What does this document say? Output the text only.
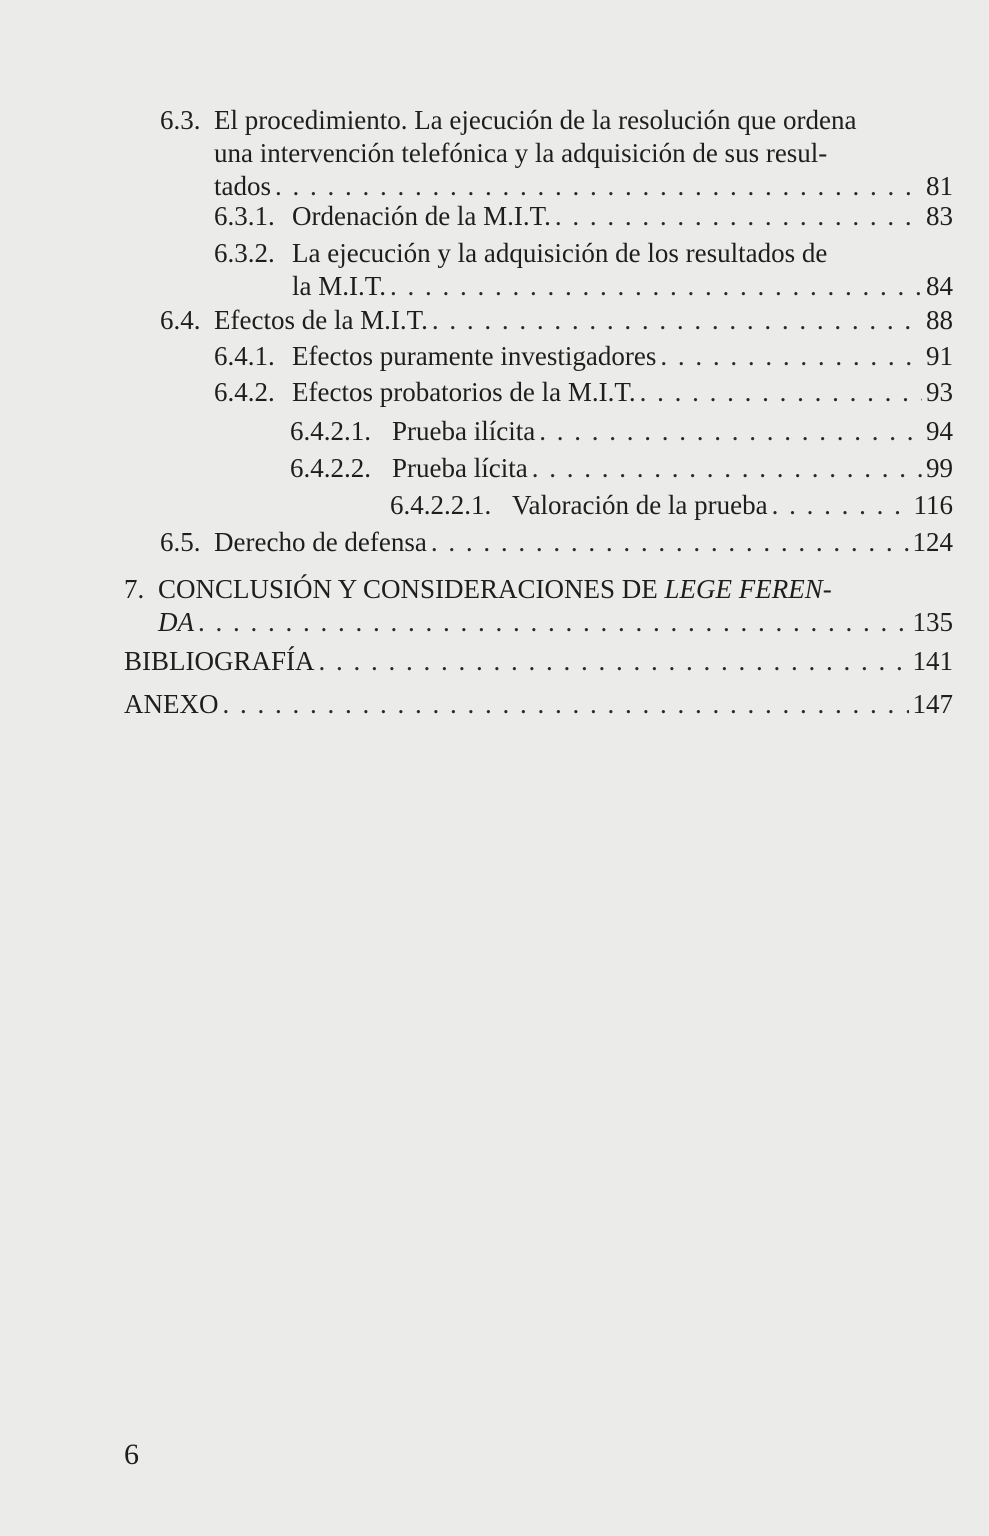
6.3. El procedimiento. La ejecución de la resolución que ordena
una intervención telefónica y la adquisición de sus resul-
tados . . .	81
6.3.1. Ordenación de la M.I.T. . . .	83
6.3.2. La ejecución y la adquisición de los resultados de
la M.I.T. . . .	84
6.4. Efectos de la M.I.T. . . .	88
6.4.1. Efectos puramente investigadores . . .	91
6.4.2. Efectos probatorios de la M.I.T. . . .	93
6.4.2.1. Prueba ilícita . . .	94
6.4.2.2. Prueba lícita . . .	99
6.4.2.2.1. Valoración de la prueba . . .	116
6.5. Derecho de defensa . . .	124
7. CONCLUSIÓN Y CONSIDERACIONES DE LEGE FEREN-
DA . . .	135
BIBLIOGRAFÍA . . .	141
ANEXO . . .	147
6
